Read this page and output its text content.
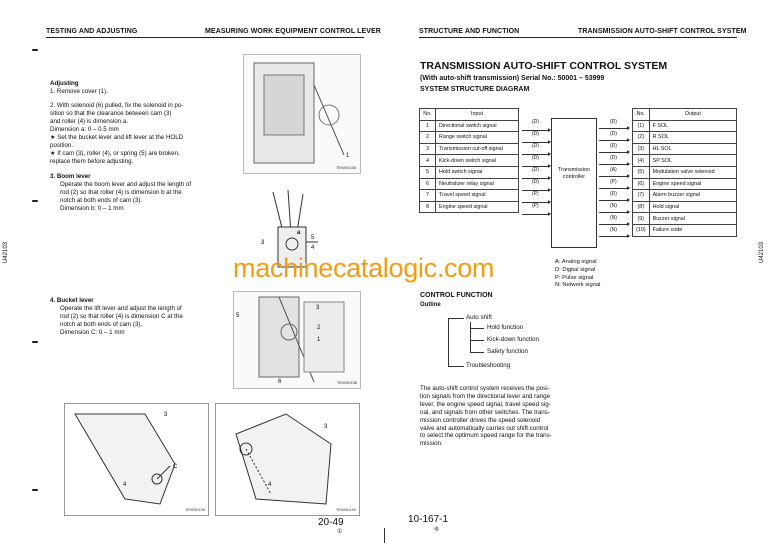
TESTING AND ADJUSTING	MEASURING WORK EQUIPMENT CONTROL LEVER
U42103
Adjusting
1. Remove cover (1).
2. With solenoid (6) pulled, fix the solenoid in po-
sition so that the clearance between cam (3)
and roller (4) is dimension a.
Dimension a: 0 – 0.5 mm
★ Set the bucket lever and lift lever at the HOLD
position.
★ If cam (3), roller (4), or spring (5) are broken,
replace them before adjusting.
3. Boom lever
Operate the boom lever and adjust the length of
rod (2) so that roller (4) is dimension b at the
notch at both ends of cam (3).
Dimension b: 0 – 1 mm
4. Bucket lever
Operate the lift lever and adjust the length of
rod (2) so that roller (4) is dimension C at the
notch at both ends of cam (3).
Dimension C: 0 – 1 mm
1
TEW00136
5
4
3
a
3
5
2
1
6	TEW00138
3
C
4
TEW00139
3
4
TEW00140
20-49
①
STRUCTURE AND FUNCTION	TRANSMISSION AUTO-SHIFT CONTROL SYSTEM
U42103
TRANSMISSION AUTO-SHIFT CONTROL SYSTEM
(With auto-shift transmission) Serial No.: 50001 – 53999
SYSTEM STRUCTURE DIAGRAM
No.	Input
1	Directional switch signal
2	Range switch signal
3	Transmission cut-off signal
4	Kick-down switch signal
5	Hold switch signal
6	Neutralizer relay signal
7	Travel speed signal
8	Engine speed signal
(D)
(D)
(D)
(D)
(D)
(D)
(P)
(P)
Transmission
controller
(D)
(D)
(D)
(D)
(A)
(P)
(D)
(N)
(N)
(N)
No.	Output
(1)	F SOL
(2)	R SOL
(3)	HL SOL
(4)	SP SOL
(5)	Modulation valve solenoid
(6)	Engine speed signal
(7)	Alarm buzzer signal
(8)	Hold signal
(9)	Buzzer signal
(10)	Failure code
A: Analog signal
D: Digital signal
P: Pulse signal
N: Network signal
CONTROL FUNCTION
Outline
Auto shift
Hold function
Kick-down function
Safety function
Troubleshooting
The auto-shift control system receives the posi-
tion signals from the directional lever and range
lever, the engine speed signal, travel speed sig-
nal, and signals from other switches. The trans-
mission controller drives the speed solenoid
valve and automatically carries out shift control
to select the optimum speed range for the trans-
mission.
10-167-1
⑥
machinecatalogic.com
